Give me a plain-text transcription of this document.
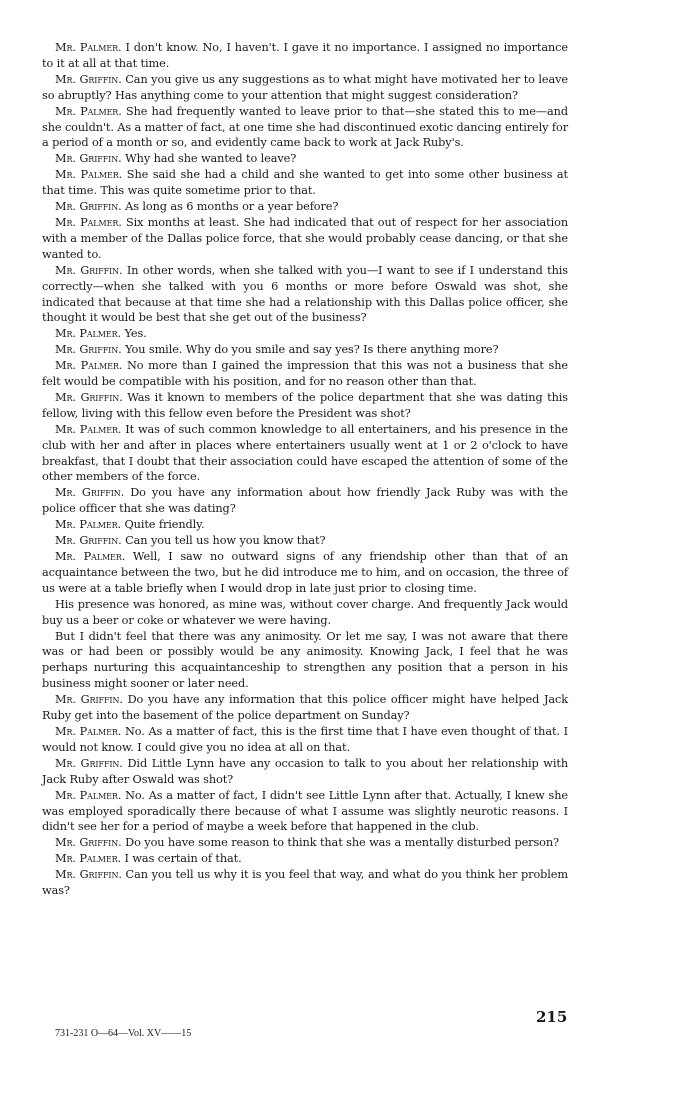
Mr. Palmer. I don't know. No, I haven't. I gave it no importance. I assigned no importance to it at all at that time.

Mr. Griffin. Can you give us any suggestions as to what might have motivated her to leave so abruptly? Has anything come to your attention that might suggest consideration?

Mr. Palmer. She had frequently wanted to leave prior to that—she stated this to me—and she couldn't. As a matter of fact, at one time she had discontinued exotic dancing entirely for a period of a month or so, and evidently came back to work at Jack Ruby's.

Mr. Griffin. Why had she wanted to leave?

Mr. Palmer. She said she had a child and she wanted to get into some other business at that time. This was quite sometime prior to that.

Mr. Griffin. As long as 6 months or a year before?

Mr. Palmer. Six months at least. She had indicated that out of respect for her association with a member of the Dallas police force, that she would probably cease dancing, or that she wanted to.

Mr. Griffin. In other words, when she talked with you—I want to see if I understand this correctly—when she talked with you 6 months or more before Oswald was shot, she indicated that because at that time she had a relationship with this Dallas police officer, she thought it would be best that she get out of the business?

Mr. Palmer. Yes.

Mr. Griffin. You smile. Why do you smile and say yes? Is there anything more?

Mr. Palmer. No more than I gained the impression that this was not a business that she felt would be compatible with his position, and for no reason other than that.

Mr. Griffin. Was it known to members of the police department that she was dating this fellow, living with this fellow even before the President was shot?

Mr. Palmer. It was of such common knowledge to all entertainers, and his presence in the club with her and after in places where entertainers usually went at 1 or 2 o'clock to have breakfast, that I doubt that their association could have escaped the attention of some of the other members of the force.

Mr. Griffin. Do you have any information about how friendly Jack Ruby was with the police officer that she was dating?

Mr. Palmer. Quite friendly.

Mr. Griffin. Can you tell us how you know that?

Mr. Palmer. Well, I saw no outward signs of any friendship other than that of an acquaintance between the two, but he did introduce me to him, and on occasion, the three of us were at a table briefly when I would drop in late just prior to closing time.

His presence was honored, as mine was, without cover charge. And frequently Jack would buy us a beer or coke or whatever we were having.

But I didn't feel that there was any animosity. Or let me say, I was not aware that there was or had been or possibly would be any animosity. Knowing Jack, I feel that he was perhaps nurturing this acquaintanceship to strengthen any position that a person in his business might sooner or later need.

Mr. Griffin. Do you have any information that this police officer might have helped Jack Ruby get into the basement of the police department on Sunday?

Mr. Palmer. No. As a matter of fact, this is the first time that I have even thought of that. I would not know. I could give you no idea at all on that.

Mr. Griffin. Did Little Lynn have any occasion to talk to you about her relationship with Jack Ruby after Oswald was shot?

Mr. Palmer. No. As a matter of fact, I didn't see Little Lynn after that. Actually, I knew she was employed sporadically there because of what I assume was slightly neurotic reasons. I didn't see her for a period of maybe a week before that happened in the club.

Mr. Griffin. Do you have some reason to think that she was a mentally disturbed person?

Mr. Palmer. I was certain of that.

Mr. Griffin. Can you tell us why it is you feel that way, and what do you think her problem was?

215
731-231 O—64—Vol. XV——15
